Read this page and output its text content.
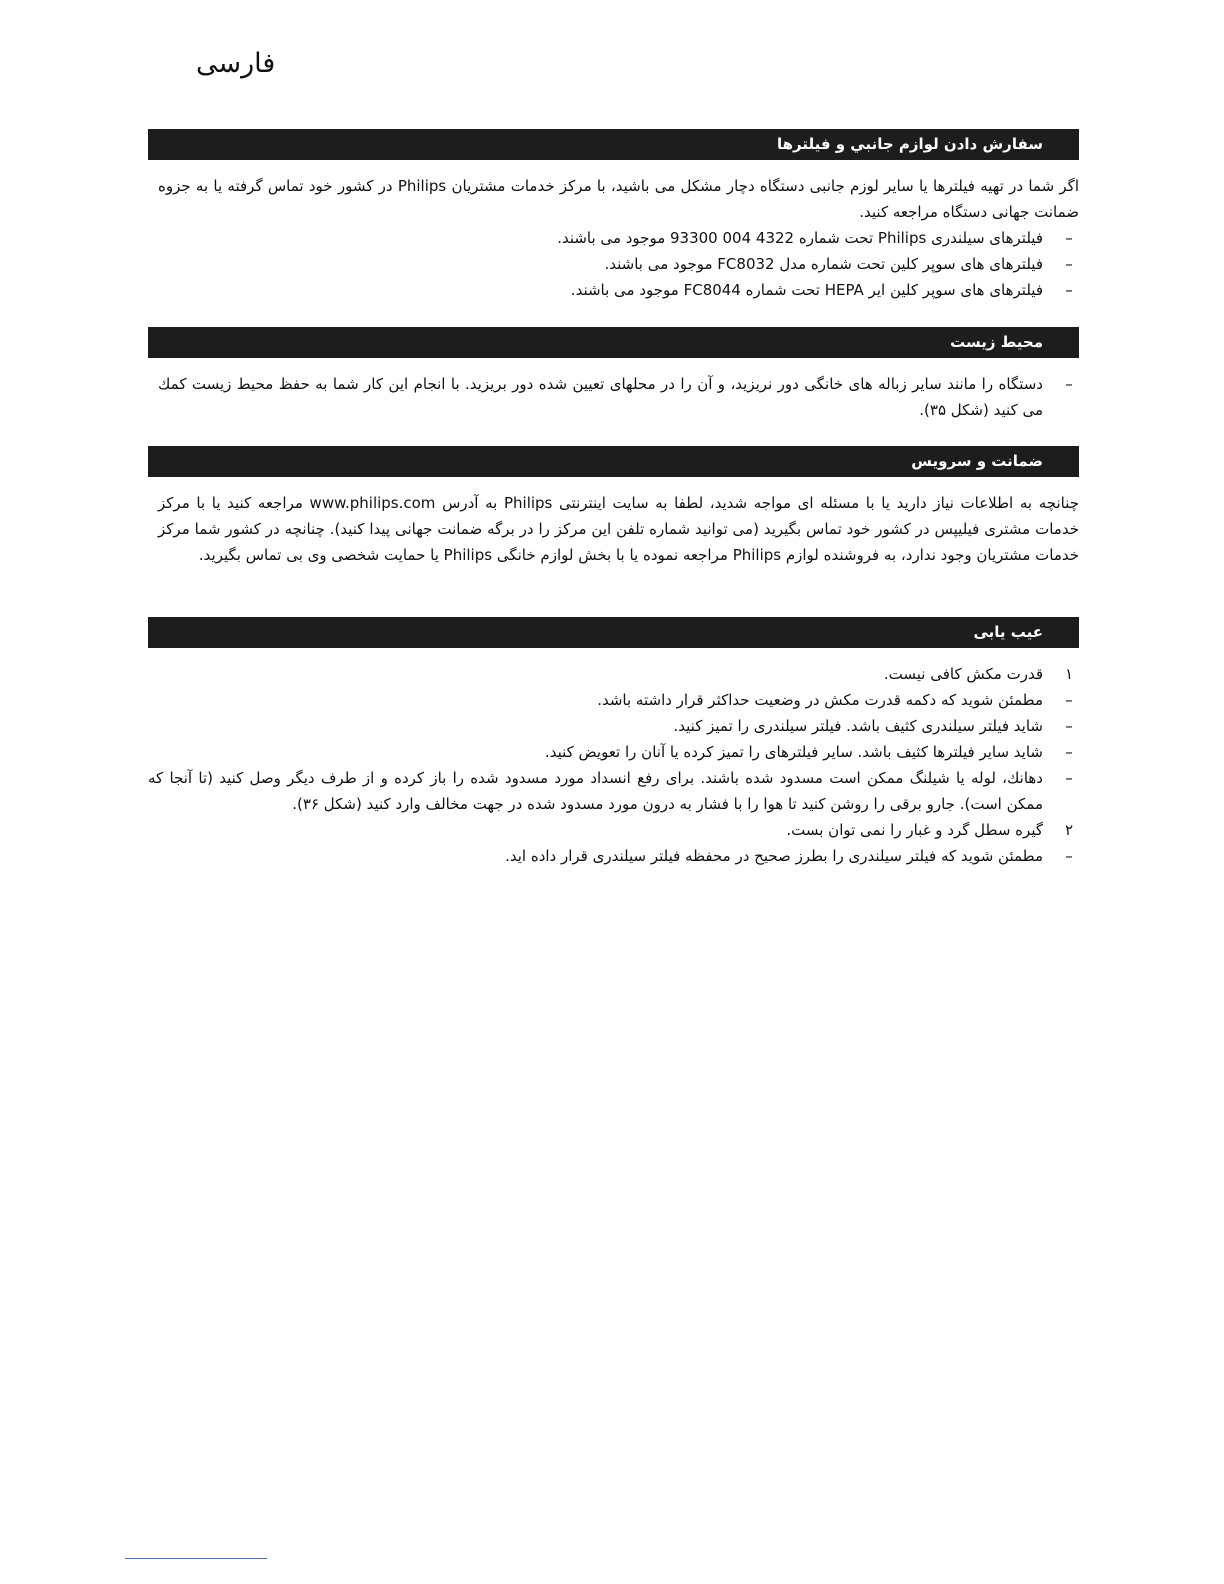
فارسی
سفارش دادن لوازم جانبي و فيلترها

اگر شما در تهیه فیلترها یا سایر لوزم جانبی دستگاه دچار مشکل می باشید، با مرکز خدمات مشتریان Philips در کشور خود تماس گرفته یا به جزوه ضمانت جهانی دستگاه مراجعه کنید.

–
فیلترهای سیلندری Philips تحت شماره 4322 004 93300 موجود می باشند.
–
فیلترهای های سوپر کلین تحت شماره مدل FC8032 موجود می باشند.
–
فیلترهای های سوپر کلین ایر HEPA تحت شماره FC8044 موجود می باشند.
محیط زیست
–
دستگاه را مانند سایر زباله های خانگی دور نریزید، و آن را در محلهای تعیین شده دور بریزید. با انجام این کار شما به حفظ محیط زیست کمك می کنید (شکل ۳۵).
ضمانت و سرویس

چنانچه به اطلاعات نیاز دارید یا با مسئله ای مواجه شدید، لطفا به سایت اینترنتی Philips به آدرس www.philips.com مراجعه کنید یا با مرکز خدمات مشتری فیلیپس در کشور خود تماس بگیرید (می توانید شماره تلفن این مرکز را در برگه ضمانت جهانی پیدا کنید). چنانچه در کشور شما مرکز خدمات مشتریان وجود ندارد، به فروشنده لوازم Philips مراجعه نموده یا با بخش لوازم خانگی Philips یا حمایت شخصی وی بی تماس بگیرید.

عیب یابی
۱
قدرت مکش کافی نیست.
–
مطمئن شوید که دکمه قدرت مکش در وضعیت حداکثر قرار داشته باشد.
–
شاید فیلتر سیلندری کثیف باشد. فیلتر سیلندری را تمیز کنید.
–
شاید سایر فیلترها کثیف باشد. سایر فیلترهای را تمیز کرده یا آنان را تعویض کنید.
–
دهانك، لوله یا شیلنگ ممکن است مسدود شده باشند. برای رفع انسداد مورد مسدود شده را باز کرده و از طرف دیگر وصل کنید (تا آنجا که ممکن است). جارو برقی را روشن کنید تا هوا را با فشار به درون مورد مسدود شده در جهت مخالف وارد کنید (شکل ۳۶).
۲
گیره سطل گرد و غبار را نمی توان بست.
–
مطمئن شوید که فیلتر سیلندری را بطرز صحیح در محفظه فیلتر سیلندری قرار داده اید.
